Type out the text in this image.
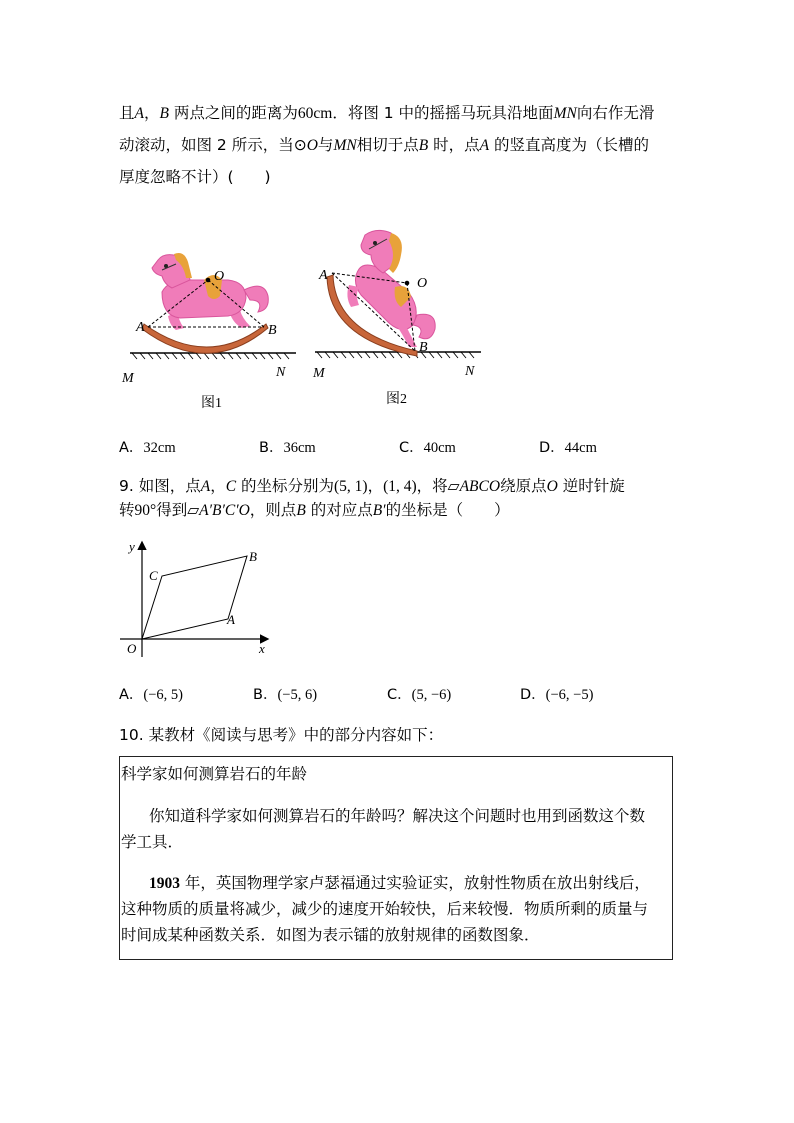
且A，B 两点之间的距离为60cm．将图 1 中的摇摇马玩具沿地面MN向右作无滑
动滚动，如图 2 所示，当⊙O与MN相切于点B 时，点A 的竖直高度为（长槽的
厚度忽略不计）(　　)
O
A	B
M	N
图1
A
O
B
M	N
图2
A．32cm	B．36cm	C．40cm	D．44cm
9. 如图，点A，C 的坐标分别为(5, 1)，(1, 4)，将▱ABCO绕原点O 逆时针旋
转90°得到▱A′B′C′O，则点B 的对应点B′的坐标是（　　）
y
x
O
A
B
C
A．(−6, 5)	B．(−5, 6)	C．(5, −6)	D．(−6, −5)
10. 某教材《阅读与思考》中的部分内容如下：

科学家如何测算岩石的年龄

你知道科学家如何测算岩石的年龄吗？解决这个问题时也用到函数这个数

学工具．

1903 年，英国物理学家卢瑟福通过实验证实，放射性物质在放出射线后，

这种物质的质量将减少，减少的速度开始较快，后来较慢．物质所剩的质量与

时间成某种函数关系．如图为表示镭的放射规律的函数图象．
